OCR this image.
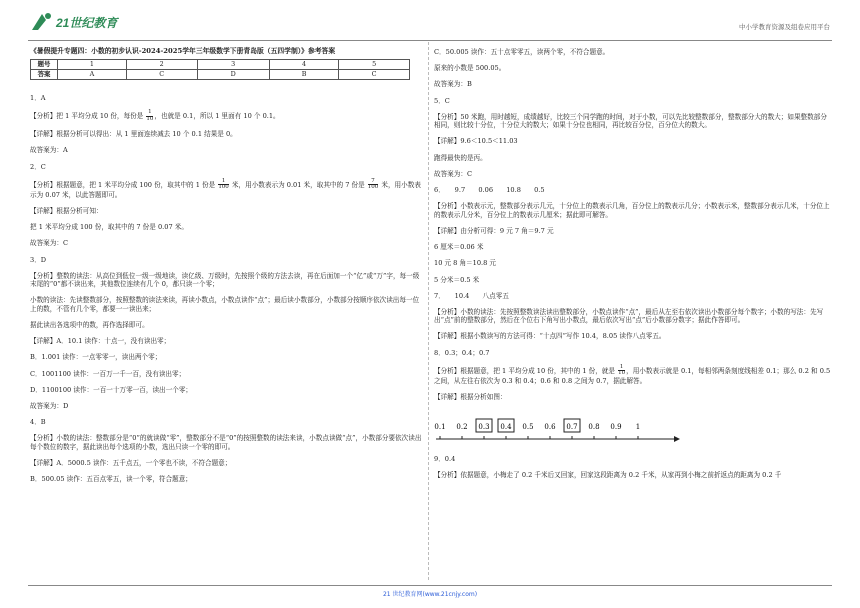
21世纪教育	中小学教育资源及组卷应用平台
《暑假提升专题四：小数的初步认识-2024-2025学年三年级数学下册青岛版（五四学制）》参考答案
题号	1	2	3	4	5
答案	A	C	D	B	C
1．A
【分析】把 1 平均分成 10 份，每份是 $\frac{1}{10}$ ，也就是 0.1，所以 1 里面有 10 个 0.1。
【详解】根据分析可以得出：从 1 里面连续减去 10 个 0.1 结果是 0。
故答案为：A
2．C
【分析】根据题意，把 1 米平均分成 100 份，取其中的 1 份是 $\frac{1}{100}$ 米，用小数表示为 0.01 米，取其中的 7 份是 $\frac{7}{100}$ 米，用小数表示为 0.07 米，以此答题即可。
【详解】根据分析可知：
把 1 米平均分成 100 份，取其中的 7 份是 0.07 米。
故答案为：C
3．D
【分析】整数的读法：从高位到低位一级一级地读，读亿级、万级时，先按照个级的方法去读，再在后面加一个“亿”或“万”字，每一级末尾的“0”都不读出来，其他数位连续有几个 0，都只读一个零；
小数的读法：先读整数部分，按照整数的读法来读，再读小数点，小数点读作“点”；最后读小数部分，小数部分按顺序依次读出每一位上的数，不管有几个零，都要一一读出来；
据此读出各选项中的数，再作选择即可。
【详解】A．10.1 读作：十点一，没有读出零；
B．1.001 读作：一点零零一，读出两个零；
C．1001100 读作：一百万一千一百，没有读出零；
D．1100100 读作：一百一十万零一百，读出一个零；
故答案为：D
4．B
【分析】小数的读法：整数部分是“0”的就读做“零”，整数部分不是“0”的按照整数的读法来读，小数点读做“点”，小数部分要依次读出每个数位的数字，据此读出每个选项的小数，选出只读一个零的即可。
【详解】A．5000.5 读作：五千点五，一个零也不读，不符合题意；
B．500.05 读作：五百点零五，读一个零，符合题意；
C．50.005 读作：五十点零零五，读两个零，不符合题意。
原来的小数是 500.05。
故答案为：B
5．C
【分析】50 米跑，用时越短，成绩越好，比较三个同学跑的时间，对于小数，可以先比较整数部分，整数部分大的数大；如果整数部分相同，则比较十分位，十分位大的数大；如果十分位也相同，再比较百分位，百分位大的数大。
【详解】9.6＜10.5＜11.03
跑得最快的是丙。
故答案为：C
6．　　9.7　　0.06　　10.8　　0.5
【分析】小数表示元，整数部分表示几元，十分位上的数表示几角，百分位上的数表示几分；小数表示米，整数部分表示几米，十分位上的数表示几分米，百分位上的数表示几厘米；据此即可解答。
【详解】由分析可得：9 元 7 角＝9.7 元
6 厘米＝0.06 米
10 元 8 角＝10.8 元
5 分米＝0.5 米
7．　　10.4　　八点零五
【分析】小数的读法：先按照整数读法读出整数部分，小数点读作“点”，最后从左至右依次读出小数部分每个数字；小数的写法：先写出“点”前的整数部分，然后在个位右下角写出小数点，最后依次写出“点”后小数部分数字；据此作答即可。
【详解】根据小数读写的方法可得：“十点四”写作 10.4，8.05 读作八点零五。
8．0.3；0.4；0.7
【分析】根据题意，把 1 平均分成 10 份，其中的 1 份，就是 $\frac{1}{10}$ ，用小数表示就是 0.1，每相邻两条刻度线相差 0.1；那么 0.2 和 0.5 之间，从左往右依次为 0.3 和 0.4；0.6 和 0.8 之间为 0.7，据此解答。
【详解】根据分析如图：
0.1 0.2 0.3 0.4 0.5 0.6 0.7 0.8 0.9 1
9．0.4
【分析】依据题意，小梅走了 0.2 千米后又回家，回家这段距离为 0.2 千米，从家再到小梅之前折返点的距离为 0.2 千
21 世纪教育网(www.21cnjy.com)
